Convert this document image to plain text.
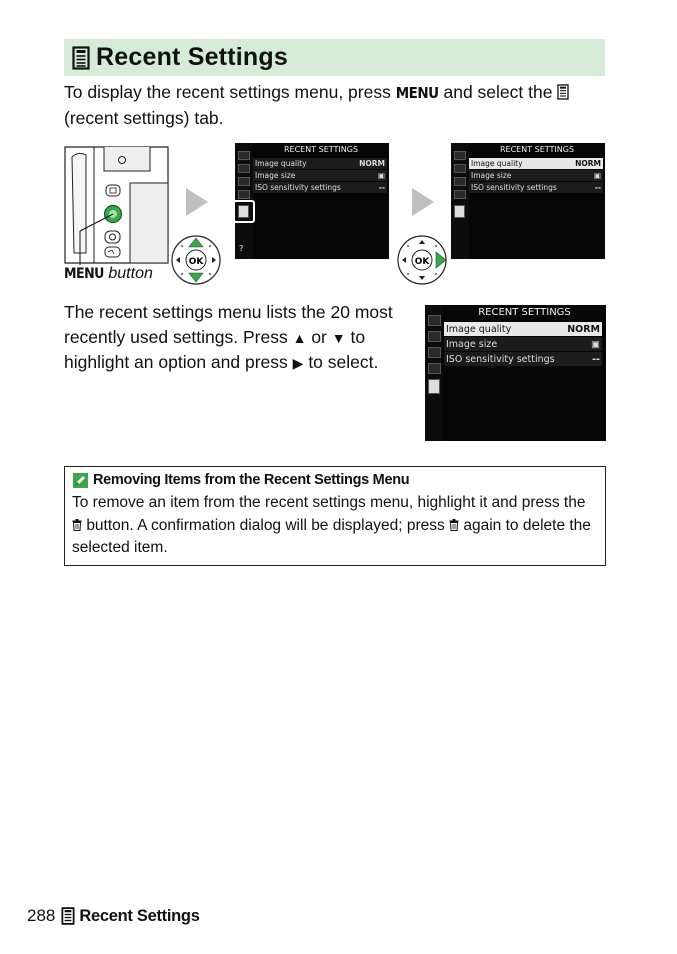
Recent Settings

To display the recent settings menu, press MENU and select the
(recent settings) tab.

MENU button
OK
RECENT SETTINGS
Image quality	NORM
Image size	▣
ISO sensitivity settings	--
?
OK
RECENT SETTINGS
Image quality	NORM
Image size	▣
ISO sensitivity settings	--

The recent settings menu lists the 20 most recently used settings. Press ▲ or ▼ to highlight an option and press ▶ to select.

RECENT SETTINGS
Image quality	NORM
Image size	▣
ISO sensitivity settings	--
Removing Items from the Recent Settings Menu
To remove an item from the recent settings menu, highlight it and press the  button. A confirmation dialog will be displayed; press again to delete the selected item.
288 Recent Settings
